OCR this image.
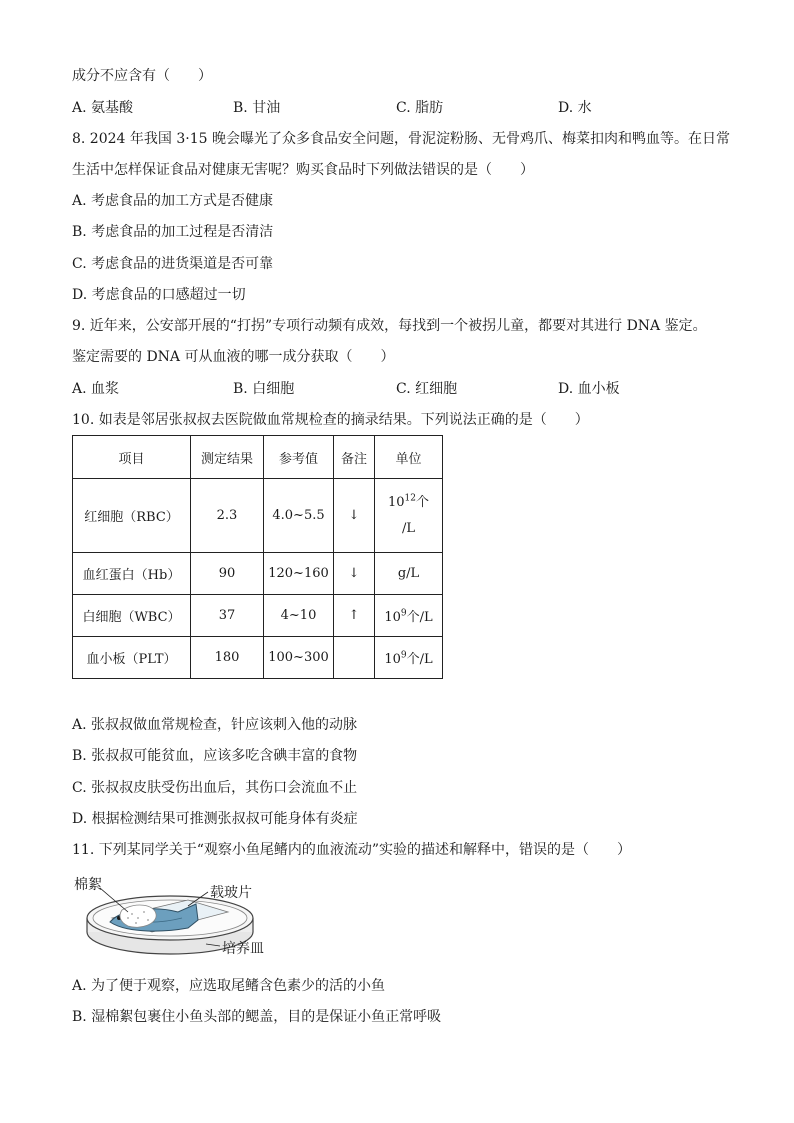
成分不应含有（　　）
A. 氨基酸	B. 甘油	C. 脂肪	D. 水
8. 2024 年我国 3·15 晚会曝光了众多食品安全问题，骨泥淀粉肠、无骨鸡爪、梅菜扣肉和鸭血等。在日常
生活中怎样保证食品对健康无害呢？购买食品时下列做法错误的是（　　）
A. 考虑食品的加工方式是否健康
B. 考虑食品的加工过程是否清洁
C. 考虑食品的进货渠道是否可靠
D. 考虑食品的口感超过一切
9. 近年来，公安部开展的“打拐”专项行动频有成效，每找到一个被拐儿童，都要对其进行 DNA 鉴定。
鉴定需要的 DNA 可从血液的哪一成分获取（　　）
A. 血浆	B. 白细胞	C. 红细胞	D. 血小板
10. 如表是邻居张叔叔去医院做血常规检查的摘录结果。下列说法正确的是（　　）
项目	测定结果	参考值	备注	单位
红细胞（RBC）	2.3	4.0~5.5	↓	$10^{12}$个
/L

血红蛋白（Hb）	90	120~160	↓	g/L
白细胞（WBC）	37	4~10	↑	$10^9$个/L
血小板（PLT）	180	100~300		$10^9$个/L
A. 张叔叔做血常规检查，针应该刺入他的动脉
B. 张叔叔可能贫血，应该多吃含碘丰富的食物
C. 张叔叔皮肤受伤出血后，其伤口会流血不止
D. 根据检测结果可推测张叔叔可能身体有炎症
11. 下列某同学关于“观察小鱼尾鳍内的血液流动”实验的描述和解释中，错误的是（　　）
棉絮	载玻片
培养皿
A. 为了便于观察，应选取尾鳍含色素少的活的小鱼
B. 湿棉絮包裹住小鱼头部的鳃盖，目的是保证小鱼正常呼吸
